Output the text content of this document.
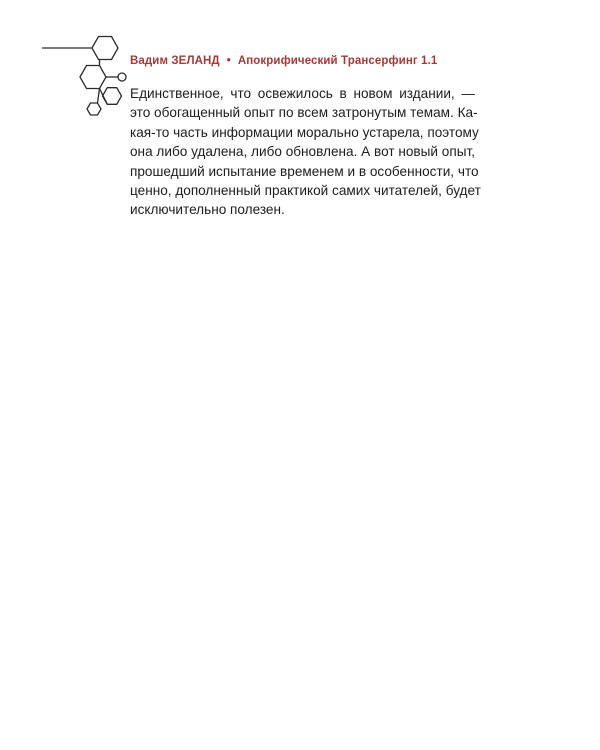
Вадим ЗЕЛАНД • Апокрифический Трансерфинг 1.1
Единственное, что освежилось в новом издании, —
это обогащенный опыт по всем затронутым темам. Ка-
кая-то часть информации морально устарела, поэтому
она либо удалена, либо обновлена. А вот новый опыт,
прошедший испытание временем и в особенности, что
ценно, дополненный практикой самих читателей, будет
исключительно полезен.
